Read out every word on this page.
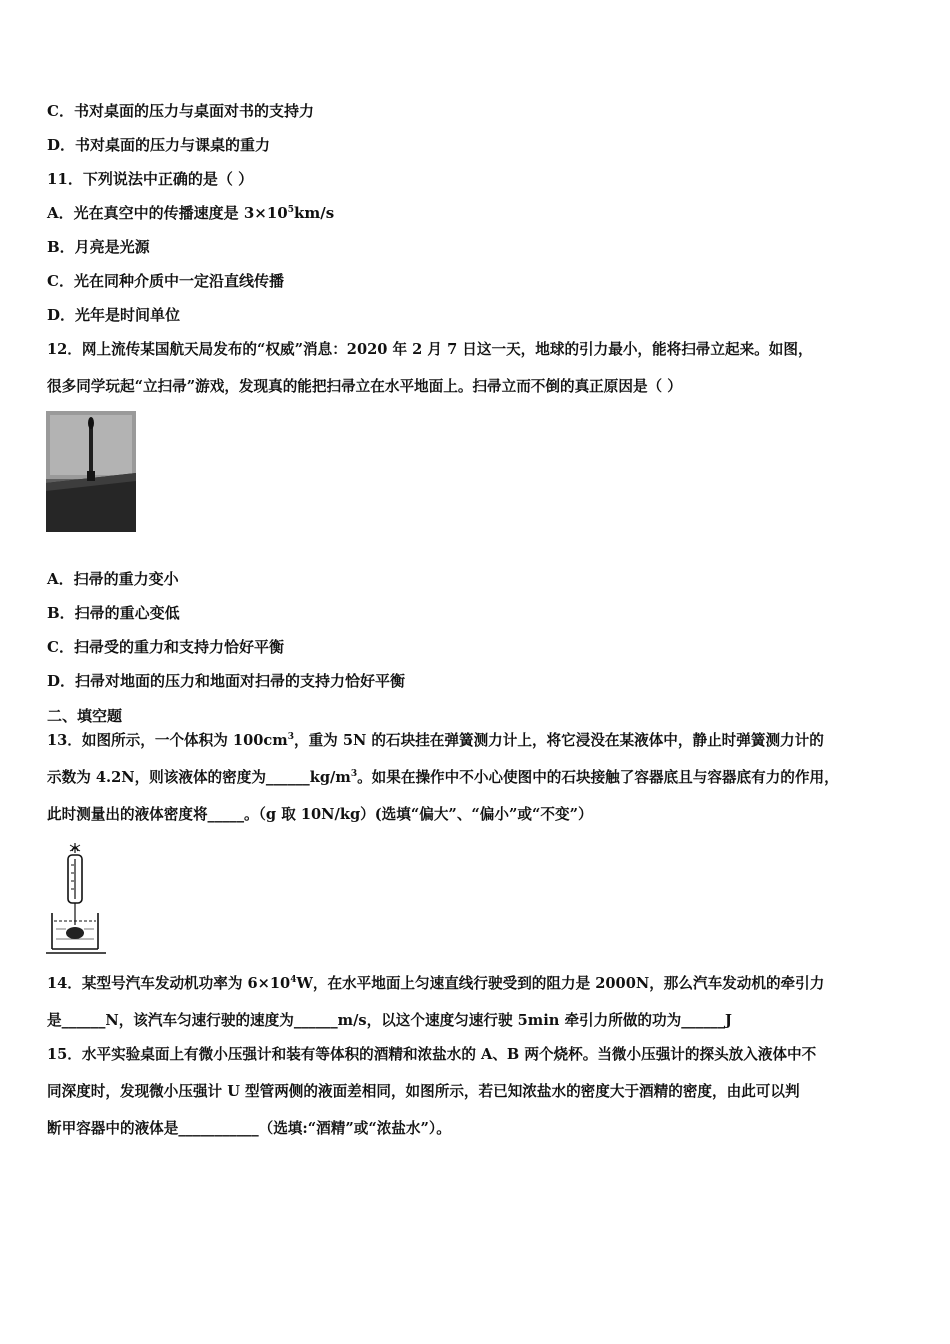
C．书对桌面的压力与桌面对书的支持力
D．书对桌面的压力与课桌的重力
11．下列说法中正确的是（ ）
A．光在真空中的传播速度是 $3\times 10^5km/s$
B．月亮是光源
C．光在同种介质中一定沿直线传播
D．光年是时间单位
12．网上流传某国航天局发布的“权威”消息：2020 年 2 月 7 日这一天，地球的引力最小，能将扫帚立起来。如图，
很多同学玩起“立扫帚”游戏，发现真的能把扫帚立在水平地面上。扫帚立而不倒的真正原因是（ ）
A．扫帚的重力变小
B．扫帚的重心变低
C．扫帚受的重力和支持力恰好平衡
D．扫帚对地面的压力和地面对扫帚的支持力恰好平衡
二、填空题
13．如图所示，一个体积为 $100cm^3$，重为 5N 的石块挂在弹簧测力计上，将它浸没在某液体中，静止时弹簧测力计的
示数为 4.2N，则该液体的密度为$\_\_\_\_\_\_kg/m^3$。如果在操作中不小心使图中的石块接触了容器底且与容器底有力的作用，
此时测量出的液体密度将_____。（g 取 10N/kg）(选填“偏大”、“偏小”或“不变”）
14．某型号汽车发动机功率为 $6\times 10^4W$，在水平地面上匀速直线行驶受到的阻力是 2000N，那么汽车发动机的牵引力
是______N，该汽车匀速行驶的速度为______m/s，以这个速度匀速行驶 5min 牵引力所做的功为______J
15．水平实验桌面上有微小压强计和装有等体积的酒精和浓盐水的 A、B 两个烧杯。当微小压强计的探头放入液体中不
同深度时，发现微小压强计 U 型管两侧的液面差相同，如图所示，若已知浓盐水的密度大于酒精的密度，由此可以判
断甲容器中的液体是___________（选填:“酒精”或“浓盐水”）。
